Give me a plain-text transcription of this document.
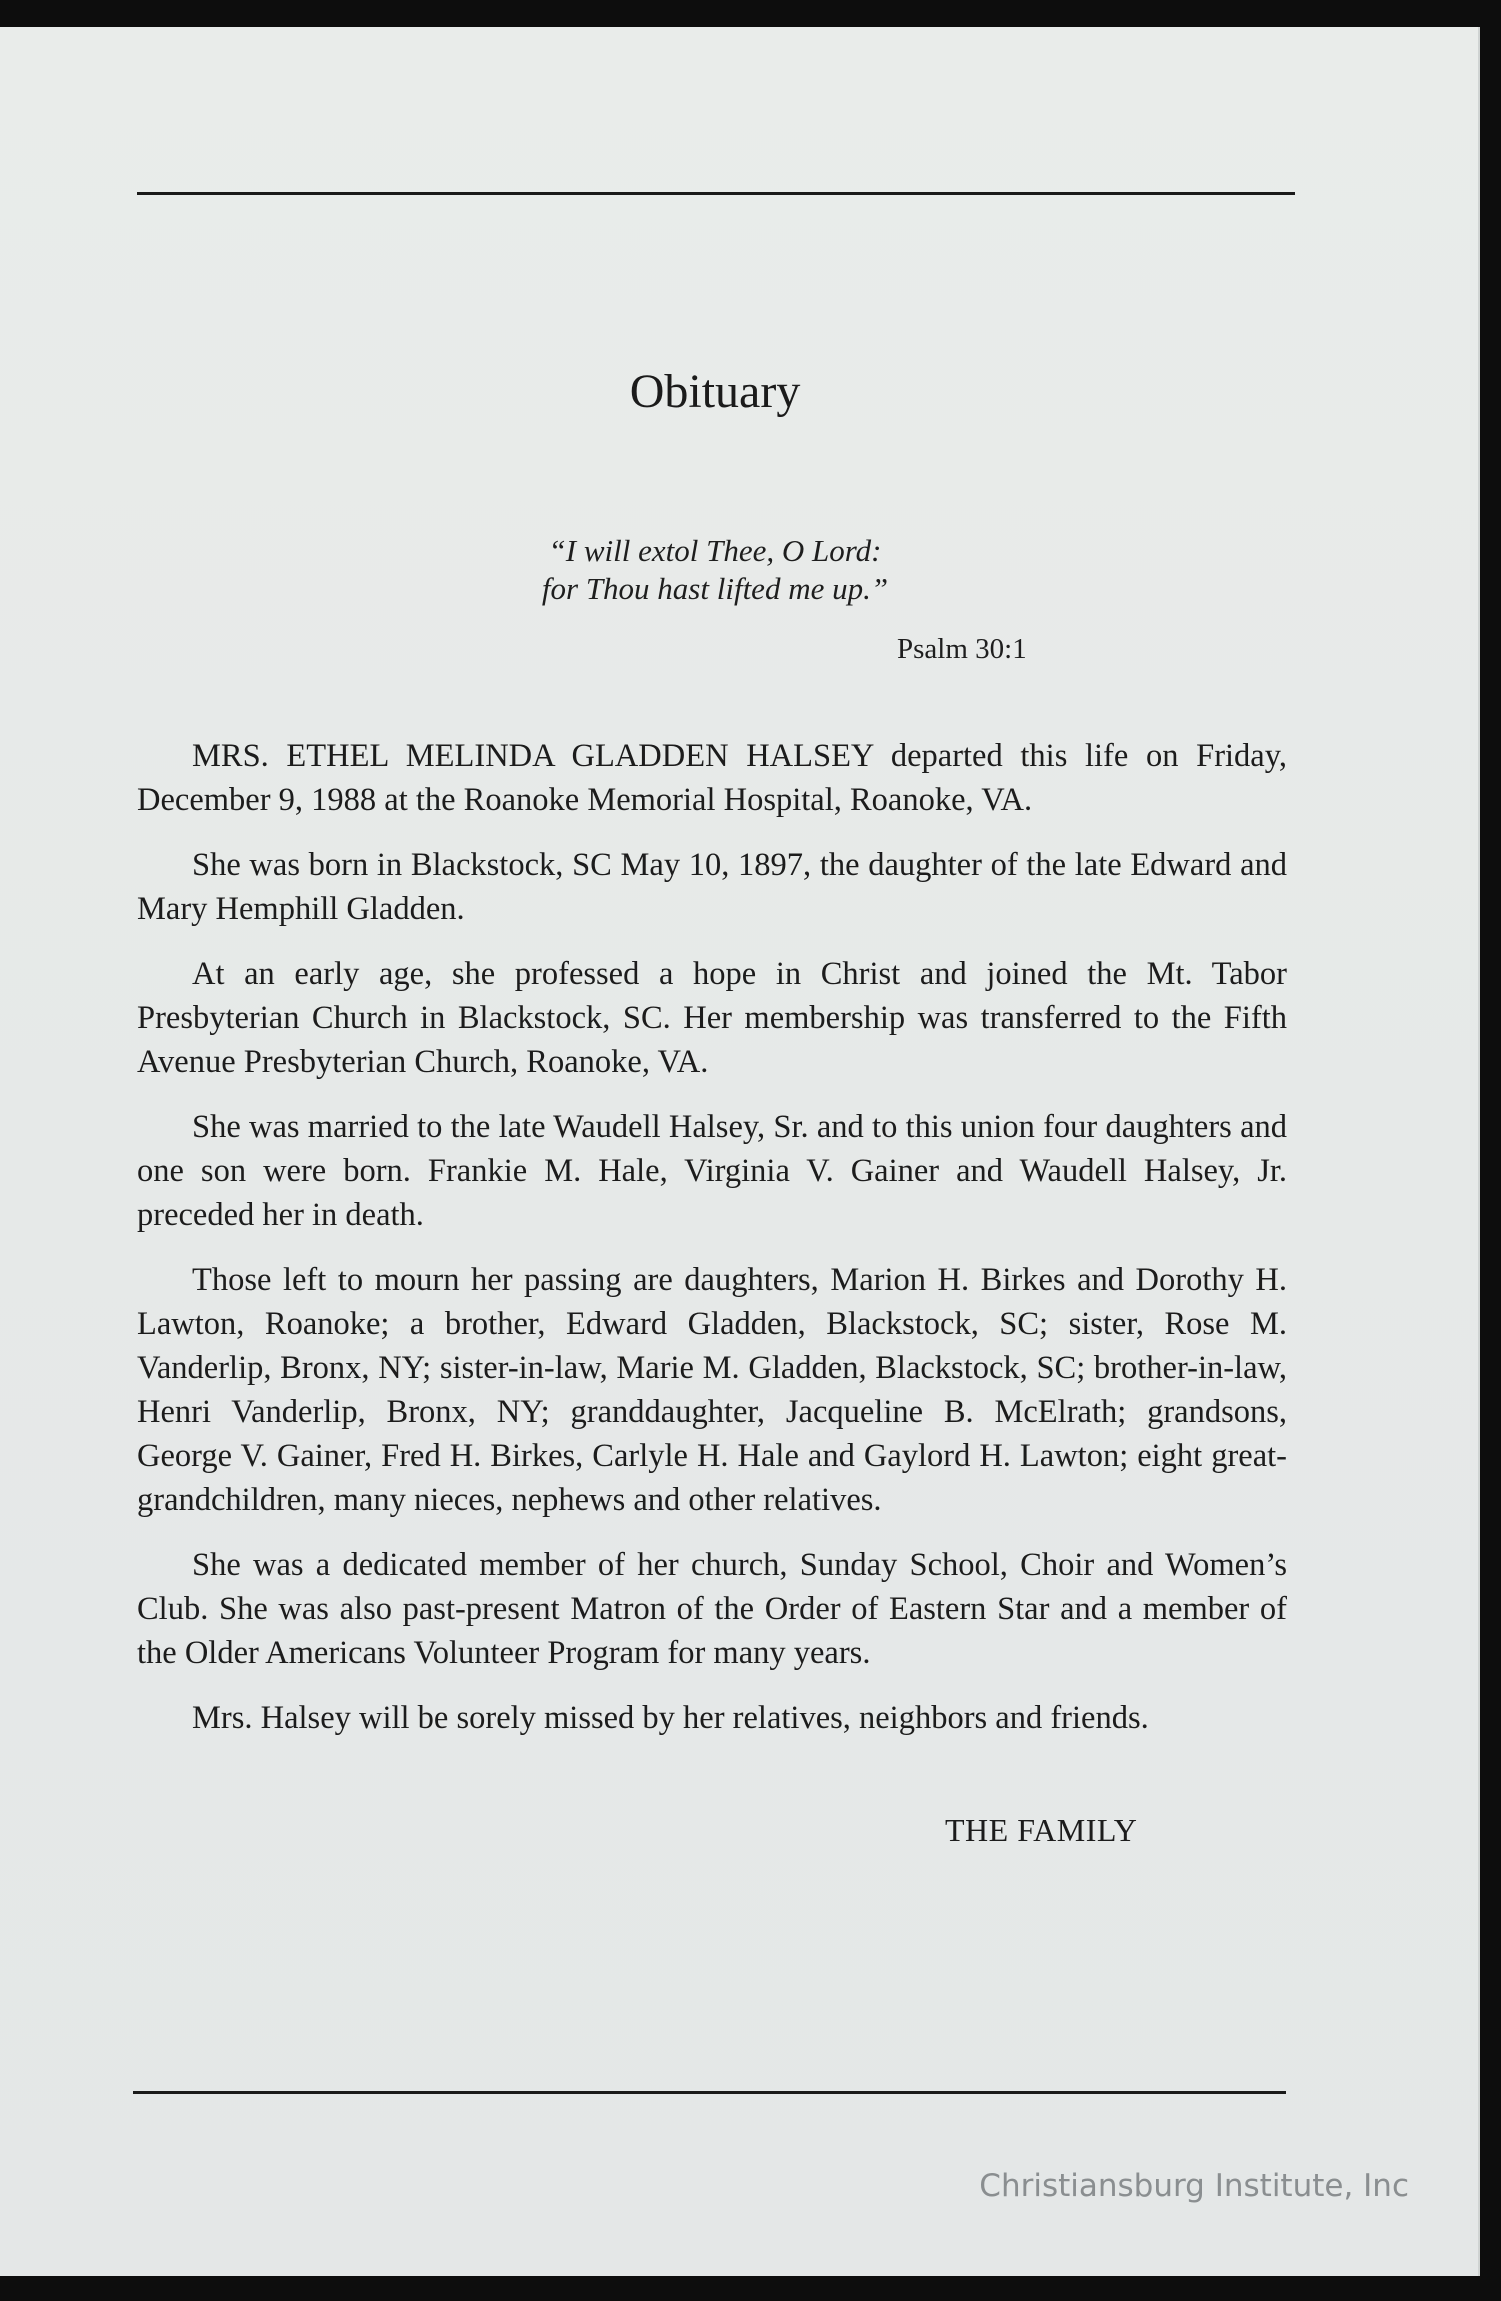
Obituary
“I will extol Thee, O Lord:
for Thou hast lifted me up.”
Psalm 30:1

MRS. ETHEL MELINDA GLADDEN HALSEY departed this life on Friday, December 9, 1988 at the Roanoke Memorial Hospital, Roanoke, VA.

She was born in Blackstock, SC May 10, 1897, the daughter of the late Edward and Mary Hemphill Gladden.

At an early age, she professed a hope in Christ and joined the Mt. Tabor Presbyterian Church in Blackstock, SC. Her membership was transferred to the Fifth Avenue Presbyterian Church, Roanoke, VA.

She was married to the late Waudell Halsey, Sr. and to this union four daughters and one son were born. Frankie M. Hale, Virginia V. Gainer and Waudell Halsey, Jr. preceded her in death.

Those left to mourn her passing are daughters, Marion H. Birkes and Dorothy H. Lawton, Roanoke; a brother, Edward Gladden, Blackstock, SC; sister, Rose M. Vanderlip, Bronx, NY; sister-in-law, Marie M. Gladden, Blackstock, SC; brother-in-law, Henri Vanderlip, Bronx, NY; granddaughter, Jacqueline B. McElrath; grandsons, George V. Gainer, Fred H. Birkes, Carlyle H. Hale and Gaylord H. Lawton; eight great-grandchildren, many nieces, nephews and other relatives.

She was a dedicated member of her church, Sunday School, Choir and Women’s Club. She was also past-present Matron of the Order of Eastern Star and a member of the Older Americans Volunteer Program for many years.

Mrs. Halsey will be sorely missed by her relatives, neighbors and friends.

THE FAMILY
Christiansburg Institute, Inc
